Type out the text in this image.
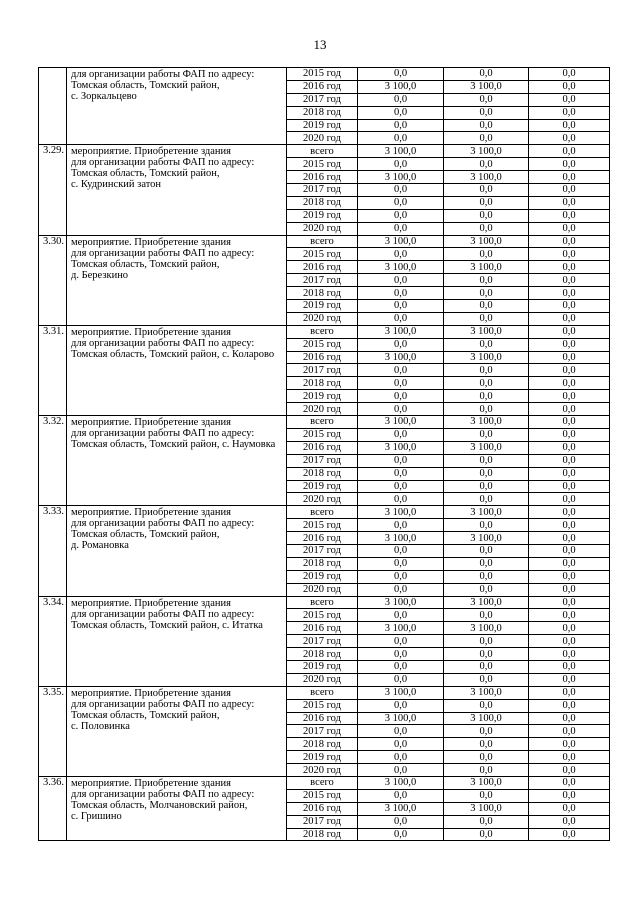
13
	для организации работы ФАП по адресу:
Томская область, Томский район,
с. Зоркальцево	2015 год	0,0	0,0	0,0
		2016 год	3 100,0	3 100,0	0,0
		2017 год	0,0	0,0	0,0
		2018 год	0,0	0,0	0,0
		2019 год	0,0	0,0	0,0
		2020 год	0,0	0,0	0,0
3.29.	мероприятие. Приобретение здания
для организации работы ФАП по адресу:
Томская область, Томский район,
с. Кудринский затон	всего	3 100,0	3 100,0	0,0
		2015 год	0,0	0,0	0,0
		2016 год	3 100,0	3 100,0	0,0
		2017 год	0,0	0,0	0,0
		2018 год	0,0	0,0	0,0
		2019 год	0,0	0,0	0,0
		2020 год	0,0	0,0	0,0
3.30.	мероприятие. Приобретение здания
для организации работы ФАП по адресу:
Томская область, Томский район,
д. Березкино	всего	3 100,0	3 100,0	0,0
		2015 год	0,0	0,0	0,0
		2016 год	3 100,0	3 100,0	0,0
		2017 год	0,0	0,0	0,0
		2018 год	0,0	0,0	0,0
		2019 год	0,0	0,0	0,0
		2020 год	0,0	0,0	0,0
3.31.	мероприятие. Приобретение здания
для организации работы ФАП по адресу:
Томская область, Томский район, с. Коларово	всего	3 100,0	3 100,0	0,0
		2015 год	0,0	0,0	0,0
		2016 год	3 100,0	3 100,0	0,0
		2017 год	0,0	0,0	0,0
		2018 год	0,0	0,0	0,0
		2019 год	0,0	0,0	0,0
		2020 год	0,0	0,0	0,0
3.32.	мероприятие. Приобретение здания
для организации работы ФАП по адресу:
Томская область, Томский район, с. Наумовка	всего	3 100,0	3 100,0	0,0
		2015 год	0,0	0,0	0,0
		2016 год	3 100,0	3 100,0	0,0
		2017 год	0,0	0,0	0,0
		2018 год	0,0	0,0	0,0
		2019 год	0,0	0,0	0,0
		2020 год	0,0	0,0	0,0
3.33.	мероприятие. Приобретение здания
для организации работы ФАП по адресу:
Томская область, Томский район,
д. Романовка	всего	3 100,0	3 100,0	0,0
		2015 год	0,0	0,0	0,0
		2016 год	3 100,0	3 100,0	0,0
		2017 год	0,0	0,0	0,0
		2018 год	0,0	0,0	0,0
		2019 год	0,0	0,0	0,0
		2020 год	0,0	0,0	0,0
3.34.	мероприятие. Приобретение здания
для организации работы ФАП по адресу:
Томская область, Томский район, с. Итатка	всего	3 100,0	3 100,0	0,0
		2015 год	0,0	0,0	0,0
		2016 год	3 100,0	3 100,0	0,0
		2017 год	0,0	0,0	0,0
		2018 год	0,0	0,0	0,0
		2019 год	0,0	0,0	0,0
		2020 год	0,0	0,0	0,0
3.35.	мероприятие. Приобретение здания
для организации работы ФАП по адресу:
Томская область, Томский район,
с. Половинка	всего	3 100,0	3 100,0	0,0
		2015 год	0,0	0,0	0,0
		2016 год	3 100,0	3 100,0	0,0
		2017 год	0,0	0,0	0,0
		2018 год	0,0	0,0	0,0
		2019 год	0,0	0,0	0,0
		2020 год	0,0	0,0	0,0
3.36.	мероприятие. Приобретение здания
для организации работы ФАП по адресу:
Томская область, Молчановский район,
с. Гришино	всего	3 100,0	3 100,0	0,0
		2015 год	0,0	0,0	0,0
		2016 год	3 100,0	3 100,0	0,0
		2017 год	0,0	0,0	0,0
		2018 год	0,0	0,0	0,0
